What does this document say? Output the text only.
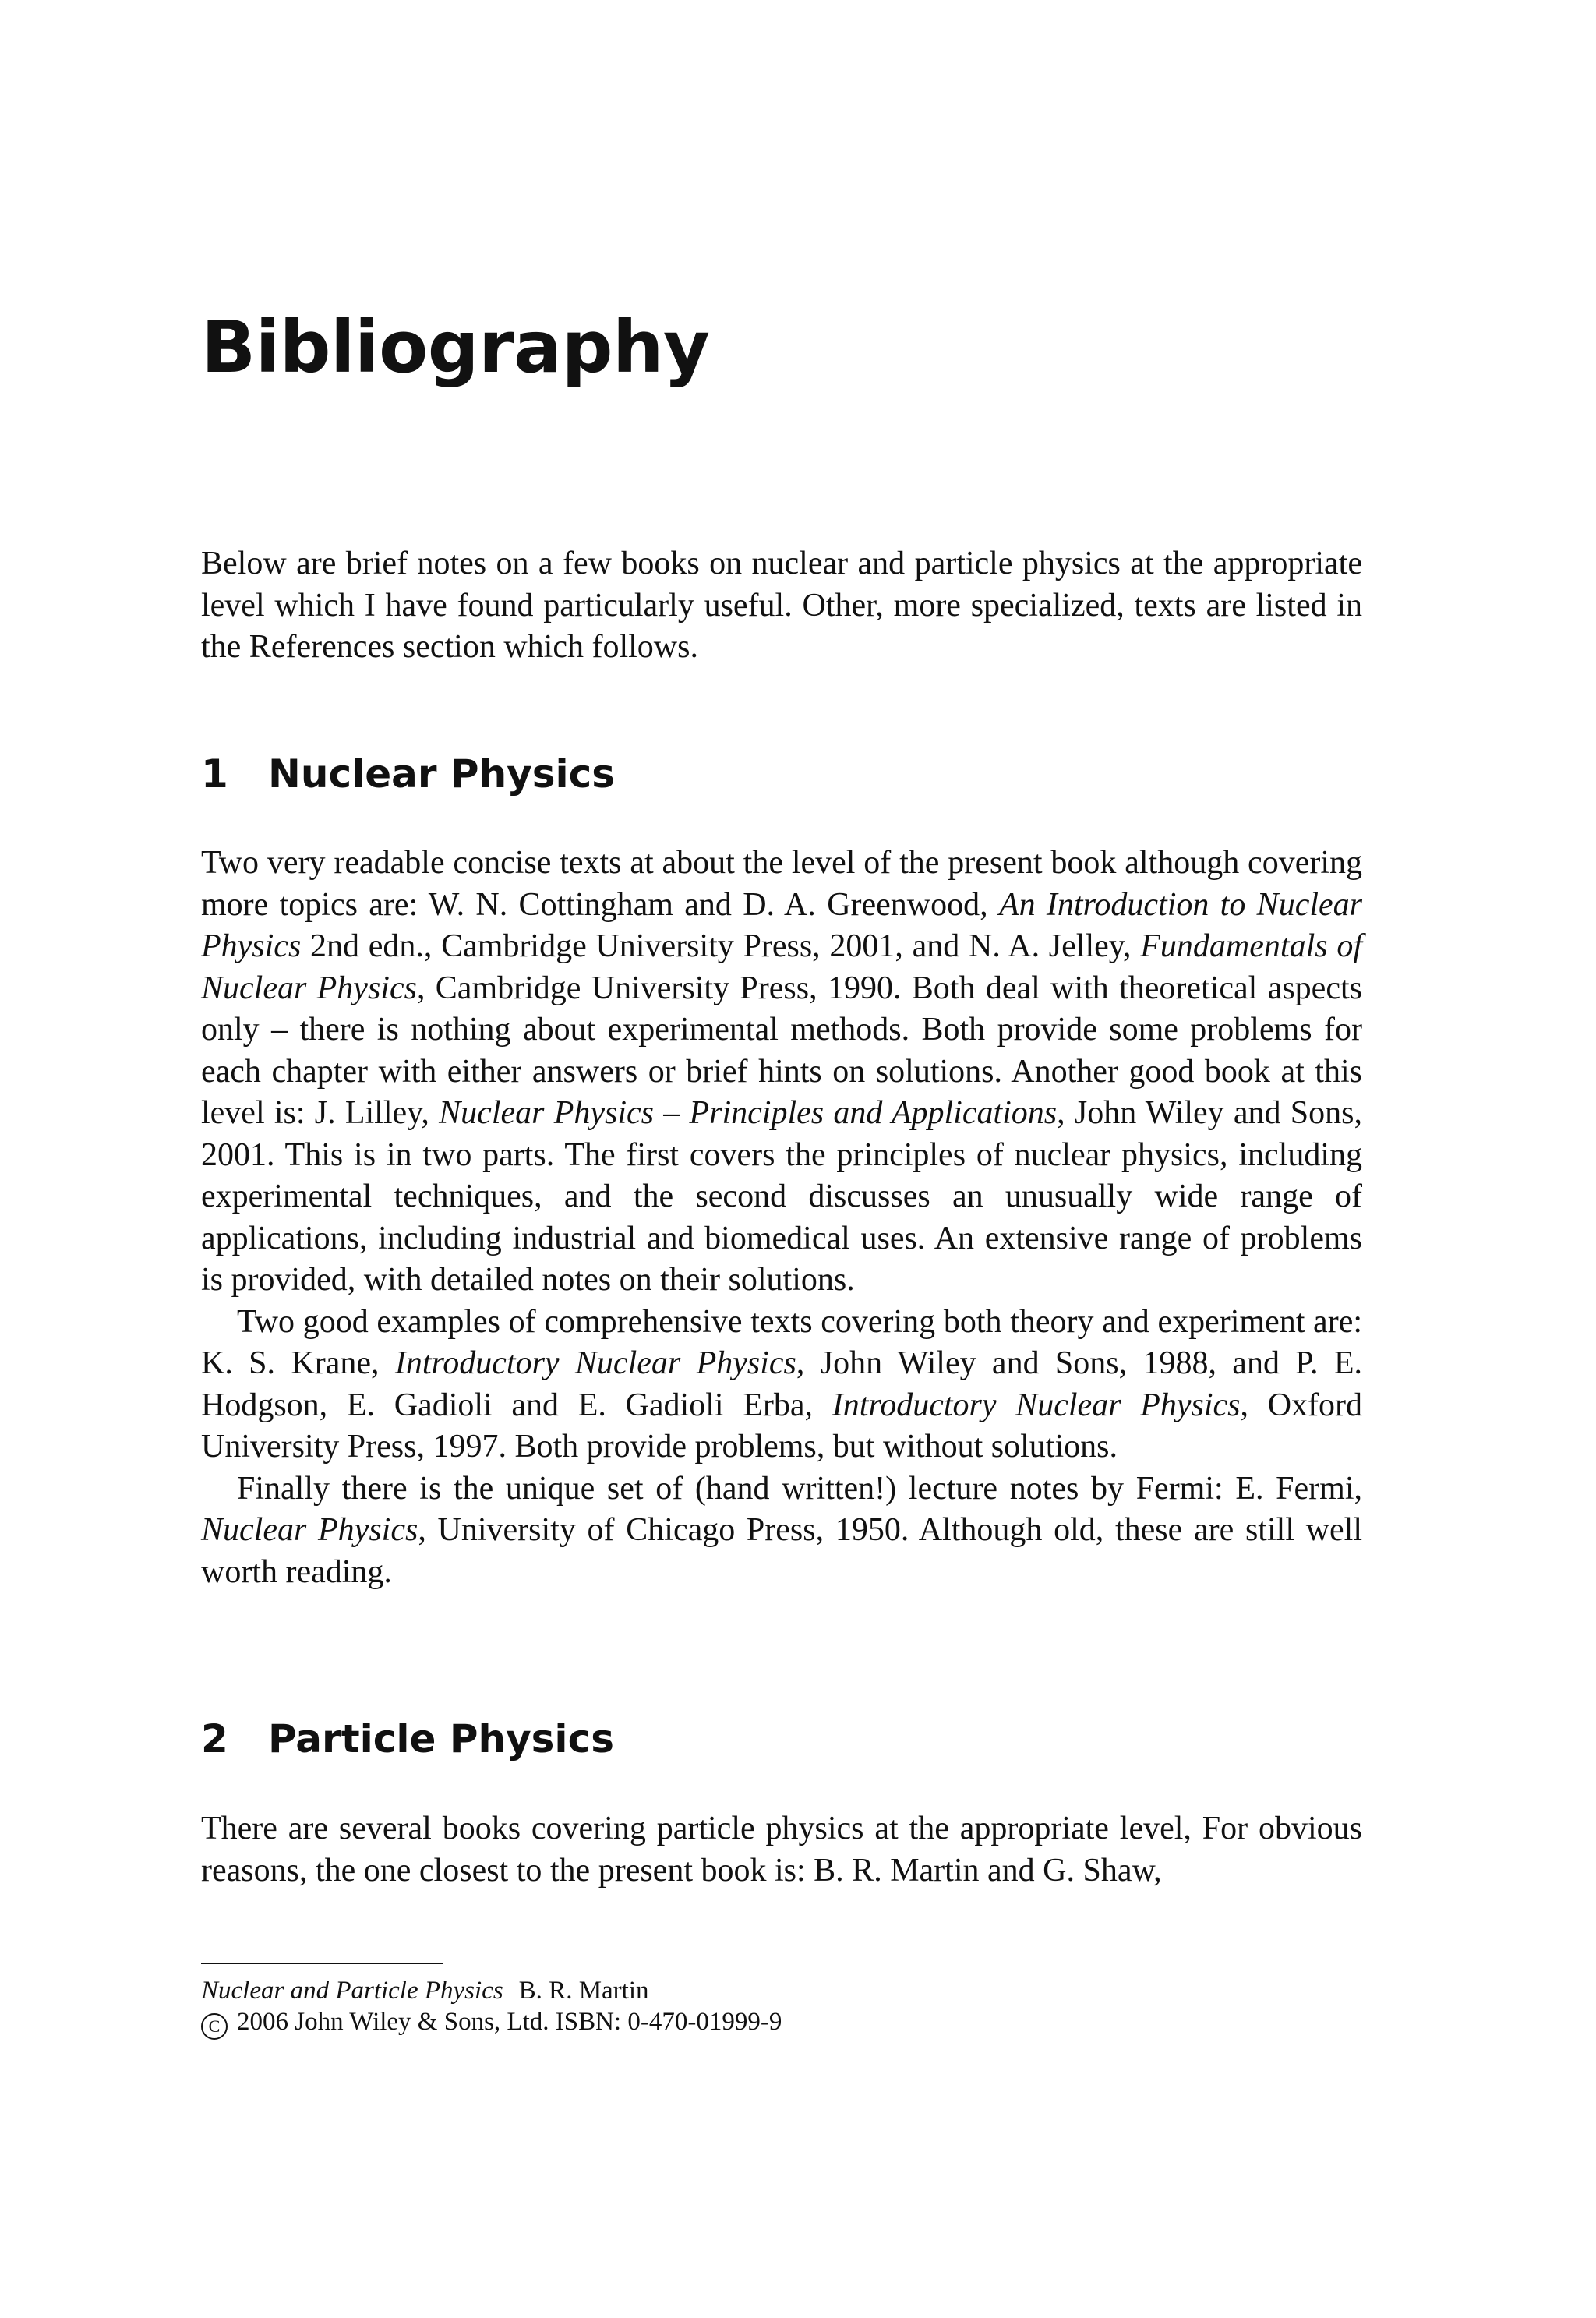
Bibliography

Below are brief notes on a few books on nuclear and particle physics at the appropriate level which I have found particularly useful. Other, more specialized, texts are listed in the References section which follows.

1 Nuclear Physics

Two very readable concise texts at about the level of the present book although covering more topics are: W. N. Cottingham and D. A. Greenwood, An Introduction to Nuclear Physics 2nd edn., Cambridge University Press, 2001, and N. A. Jelley, Fundamentals of Nuclear Physics, Cambridge University Press, 1990. Both deal with theoretical aspects only – there is nothing about experimental methods. Both provide some problems for each chapter with either answers or brief hints on solutions. Another good book at this level is: J. Lilley, Nuclear Physics – Principles and Applications, John Wiley and Sons, 2001. This is in two parts. The first covers the principles of nuclear physics, including experimental techniques, and the second discusses an unusually wide range of applications, including industrial and biomedical uses. An extensive range of problems is provided, with detailed notes on their solutions.

Two good examples of comprehensive texts covering both theory and experiment are: K. S. Krane, Introductory Nuclear Physics, John Wiley and Sons, 1988, and P. E. Hodgson, E. Gadioli and E. Gadioli Erba, Introductory Nuclear Physics, Oxford University Press, 1997. Both provide problems, but without solutions.

Finally there is the unique set of (hand written!) lecture notes by Fermi: E. Fermi, Nuclear Physics, University of Chicago Press, 1950. Although old, these are still well worth reading.

2 Particle Physics

There are several books covering particle physics at the appropriate level, For obvious reasons, the one closest to the present book is: B. R. Martin and G. Shaw,

Nuclear and Particle Physics B. R. Martin
C 2006 John Wiley & Sons, Ltd. ISBN: 0-470-01999-9
